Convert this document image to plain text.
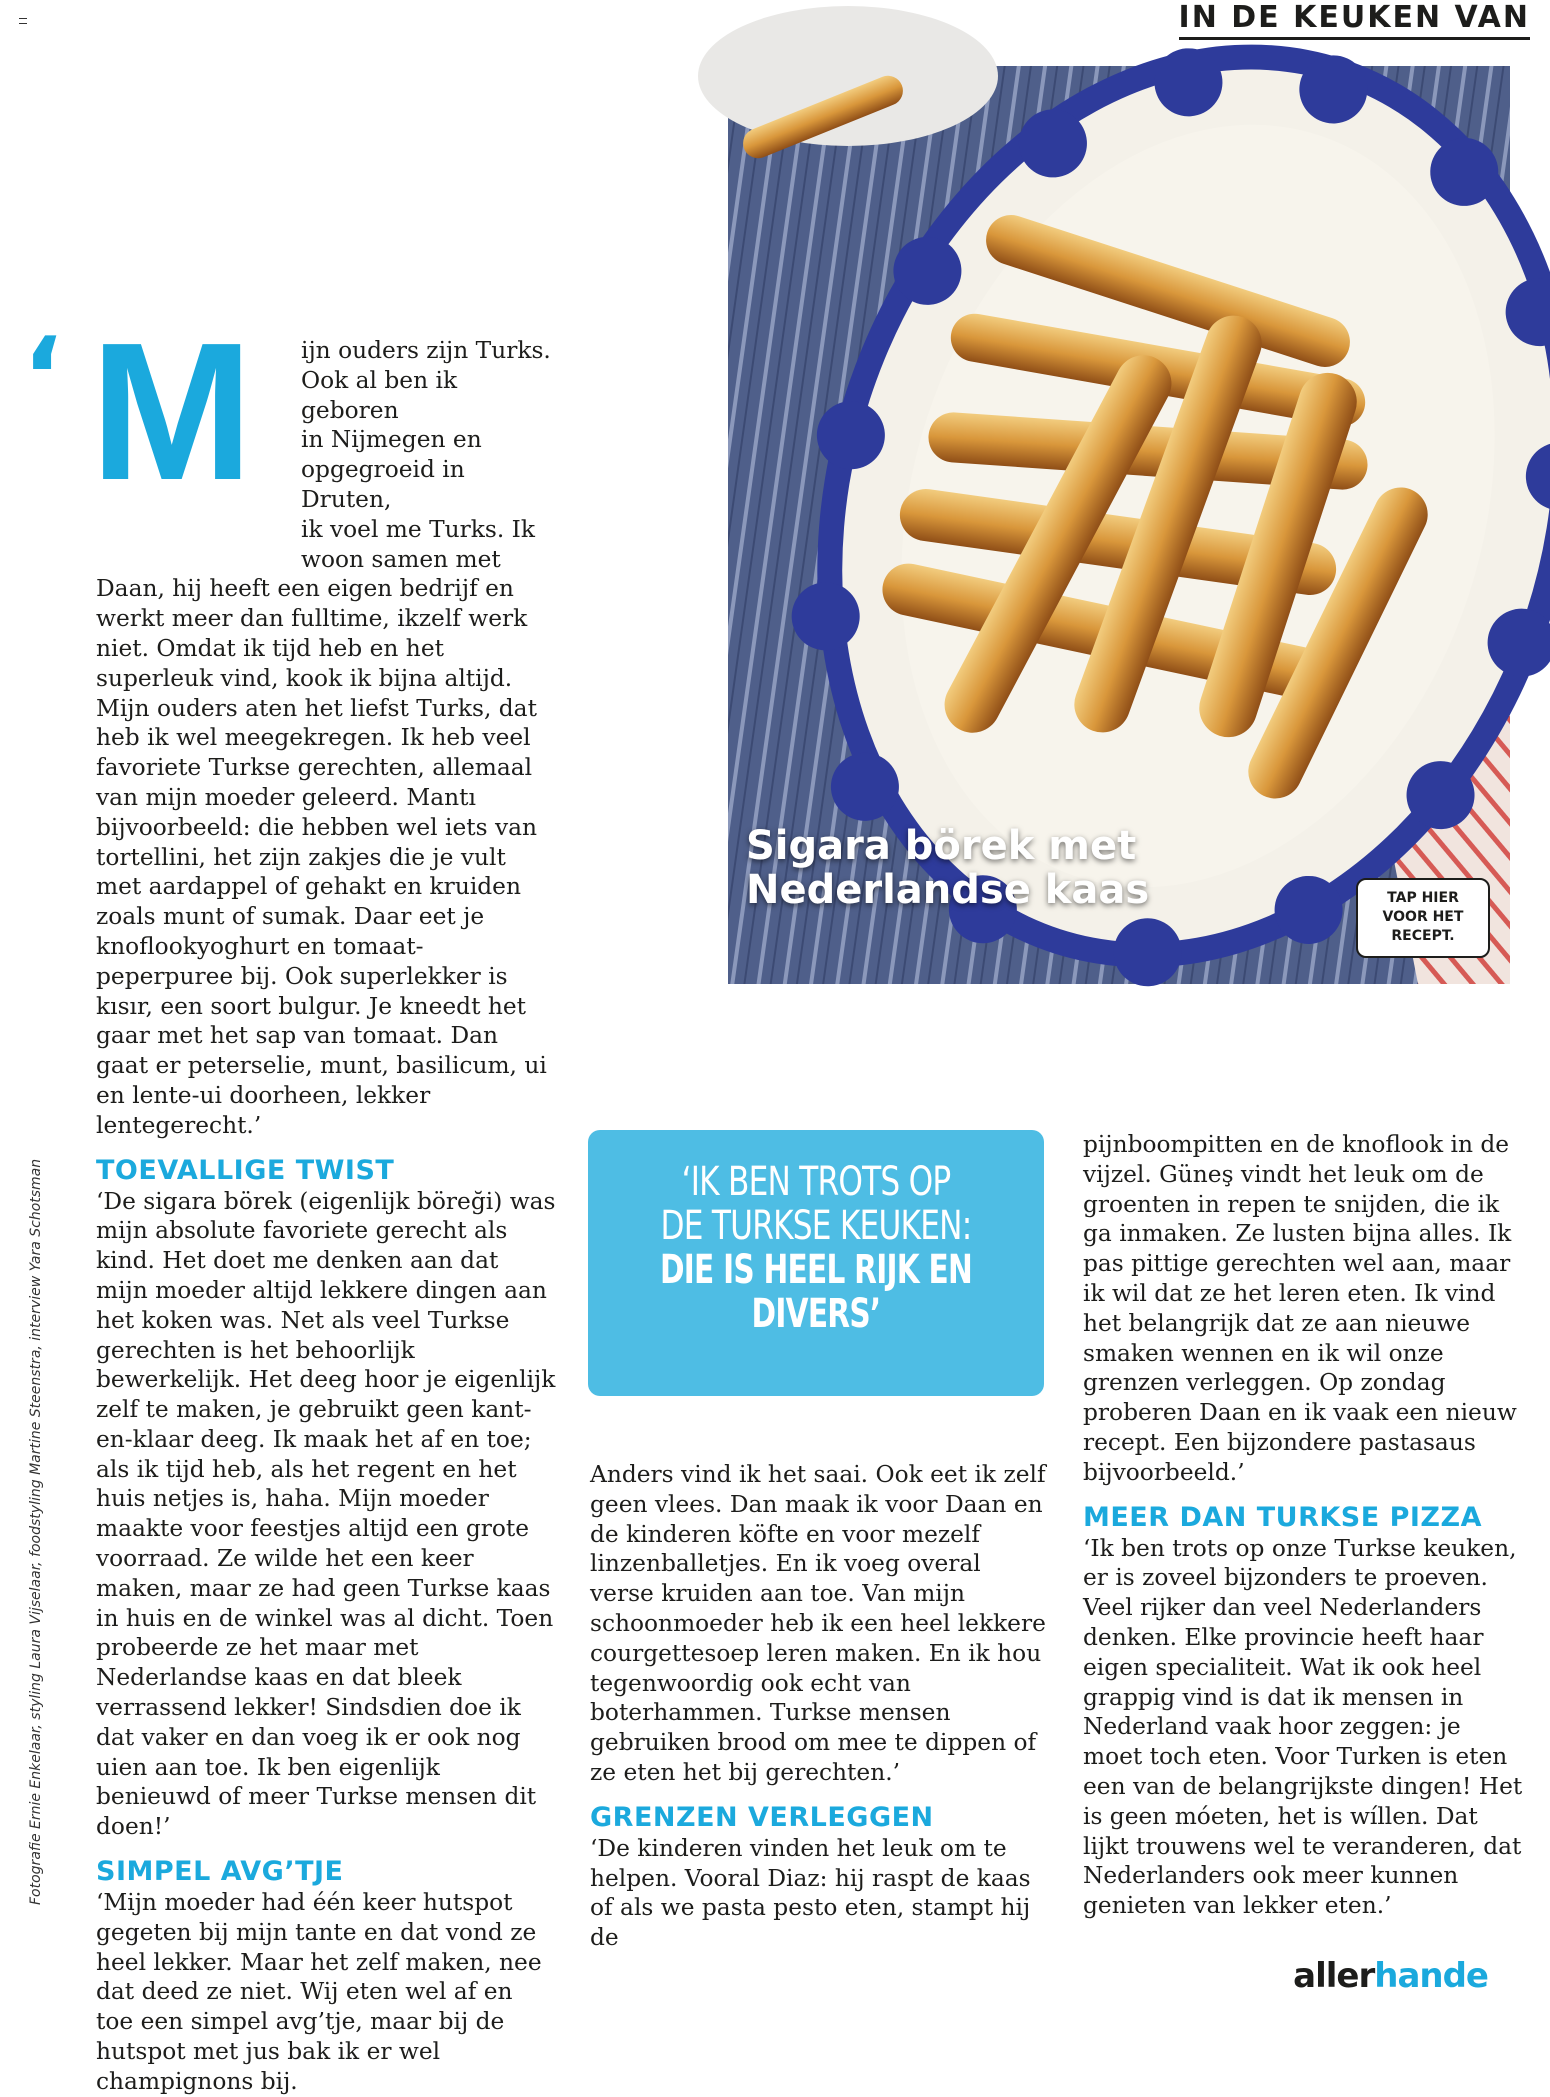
IN DE KEUKEN VAN
Sigara börek met
Nederlandse kaas	TAP HIER
VOOR HET
RECEPT.
‘ M	ijn ouders zijn Turks.
Ook al ben ik geboren
in Nijmegen en
opgegroeid in Druten,
ik voel me Turks. Ik
woon samen met
Daan, hij heeft een eigen bedrijf en werkt meer dan fulltime, ikzelf werk niet. Omdat ik tijd heb en het superleuk vind, kook ik bijna altijd. Mijn ouders aten het liefst Turks, dat heb ik wel meegekregen. Ik heb veel favoriete Turkse gerechten, allemaal van mijn moeder geleerd. Mantı bijvoorbeeld: die hebben wel iets van tortellini, het zijn zakjes die je vult met aardappel of gehakt en kruiden zoals munt of sumak. Daar eet je knoflookyoghurt en tomaat-peperpuree bij. Ook superlekker is kısır, een soort bulgur. Je kneedt het gaar met het sap van tomaat. Dan gaat er peterselie, munt, basilicum, ui en lente-ui doorheen, lekker lentegerecht.’

TOEVALLIGE TWIST

‘De sigara börek (eigenlijk böreği) was mijn absolute favoriete gerecht als kind. Het doet me denken aan dat mijn moeder altijd lekkere dingen aan het koken was. Net als veel Turkse gerechten is het behoorlijk bewerkelijk. Het deeg hoor je eigenlijk zelf te maken, je gebruikt geen kant-en-klaar deeg. Ik maak het af en toe; als ik tijd heb, als het regent en het huis netjes is, haha. Mijn moeder maakte voor feestjes altijd een grote voorraad. Ze wilde het een keer maken, maar ze had geen Turkse kaas in huis en de winkel was al dicht. Toen probeerde ze het maar met Nederlandse kaas en dat bleek verrassend lekker! Sindsdien doe ik dat vaker en dan voeg ik er ook nog uien aan toe. Ik ben eigenlijk benieuwd of meer Turkse mensen dit doen!’

SIMPEL AVG’TJE

‘Mijn moeder had één keer hutspot gegeten bij mijn tante en dat vond ze heel lekker. Maar het zelf maken, nee dat deed ze niet. Wij eten wel af en toe een simpel avg’tje, maar bij de hutspot met jus bak ik er wel champignons bij.

‘IK BEN TROTS OP
DE TURKSE KEUKEN:
DIE IS HEEL RIJK EN
DIVERS’

Anders vind ik het saai. Ook eet ik zelf geen vlees. Dan maak ik voor Daan en de kinderen köfte en voor mezelf linzenballetjes. En ik voeg overal verse kruiden aan toe. Van mijn schoonmoeder heb ik een heel lekkere courgettesoep leren maken. En ik hou tegenwoordig ook echt van boterhammen. Turkse mensen gebruiken brood om mee te dippen of ze eten het bij gerechten.’

GRENZEN VERLEGGEN

‘De kinderen vinden het leuk om te helpen. Vooral Diaz: hij raspt de kaas of als we pasta pesto eten, stampt hij de

pijnboompitten en de knoflook in de vijzel. Güneş vindt het leuk om de groenten in repen te snijden, die ik ga inmaken. Ze lusten bijna alles. Ik pas pittige gerechten wel aan, maar ik wil dat ze het leren eten. Ik vind het belangrijk dat ze aan nieuwe smaken wennen en ik wil onze grenzen verleggen. Op zondag proberen Daan en ik vaak een nieuw recept. Een bijzondere pastasaus bijvoorbeeld.’

MEER DAN TURKSE PIZZA

‘Ik ben trots op onze Turkse keuken, er is zoveel bijzonders te proeven. Veel rijker dan veel Nederlanders denken. Elke provincie heeft haar eigen specialiteit. Wat ik ook heel grappig vind is dat ik mensen in Nederland vaak hoor zeggen: je moet toch eten. Voor Turken is eten een van de belangrijkste dingen! Het is geen móeten, het is wíllen. Dat lijkt trouwens wel te veranderen, dat Nederlanders ook meer kunnen genieten van lekker eten.’

Fotografie Ernie Enkelaar, styling Laura Vijselaar, foodstyling Martine Steenstra, interview Yara Schotsman
allerhande
